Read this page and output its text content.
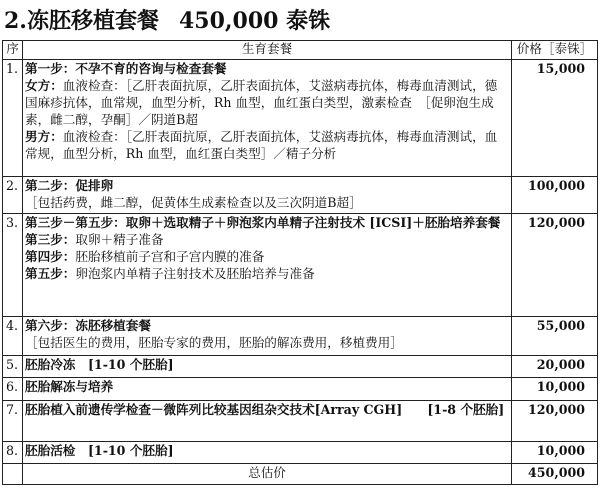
2.冻胚移植套餐 450,000 泰铢
序	生育套餐	价格［泰铢］
1.	第一步：不孕不育的咨询与检查套餐
女方：血液检查：［乙肝表面抗原，乙肝表面抗体，艾滋病毒抗体，梅毒血清测试，德国麻疹抗体，血常规，血型分析，Rh 血型，血红蛋白类型，激素检查　［促卵泡生成素，雌二醇，孕酮］／阴道B超
男方：血液检查：［乙肝表面抗原，乙肝表面抗体，艾滋病毒抗体，梅毒血清测试，血常规，血型分析，Rh 血型，血红蛋白类型］／精子分析	15,000
2.	第二步：促排卵
［包括药费，雌二醇，促黄体生成素检查以及三次阴道B超］	100,000
3.	第三步－第五步：取卵＋选取精子＋卵泡浆内单精子注射技术 [ICSI]＋胚胎培养套餐
第三步：取卵＋精子准备
第四步：胚胎移植前子宫和子宫内膜的准备
第五步：卵泡浆内单精子注射技术及胚胎培养与准备	120,000
4.	第六步：冻胚移植套餐
［包括医生的费用，胚胎专家的费用，胚胎的解冻费用，移植费用］	55,000
5.	胚胎冷冻　[1-10 个胚胎]	20,000
6.	胚胎解冻与培养	10,000
7.	胚胎植入前遗传学检查－微阵列比较基因组杂交技术[Array CGH]　　[1-8 个胚胎]	120,000
8.	胚胎活检　[1-10 个胚胎]	10,000
	总估价	450,000
